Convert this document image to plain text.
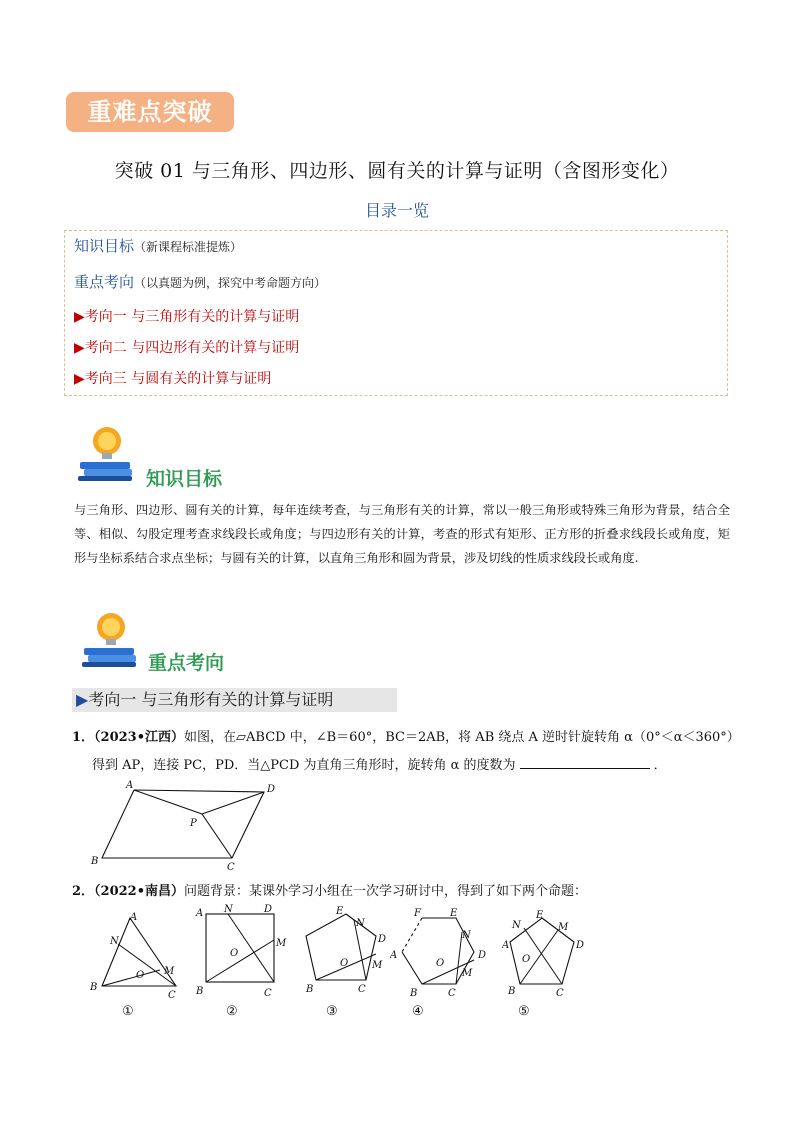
重难点突破
突破 01 与三角形、四边形、圆有关的计算与证明（含图形变化）
目录一览
知识目标（新课程标准提炼）
重点考向（以真题为例，探究中考命题方向）
▶考向一 与三角形有关的计算与证明
▶考向二 与四边形有关的计算与证明
▶考向三 与圆有关的计算与证明
知识目标
与三角形、四边形、圆有关的计算，每年连续考查，与三角形有关的计算，常以一般三角形或特殊三角形为背景，结合全等、相似、勾股定理考查求线段长或角度；与四边形有关的计算，考查的形式有矩形、正方形的折叠求线段长或角度，矩形与坐标系结合求点坐标；与圆有关的计算，以直角三角形和圆为背景，涉及切线的性质求线段长或角度.
重点考向
▶考向一 与三角形有关的计算与证明
1．（2023•江西）如图，在▱ABCD 中，∠B＝60°，BC＝2AB，将 AB 绕点 A 逆时针旋转角 α（0°＜α＜360°）
得到 AP，连接 PC，PD．当△PCD 为直角三角形时，旋转角 α 的度数为	．
A	D
P
B
C
2．（2022•南昌）问题背景：某课外学习小组在一次学习研讨中，得到了如下两个命题：
A
N
O M
B
C
A N	D
O
M
B	C
E
N
D
O M
B	C
F	E
N
A	D
O
M
B	C
N
E
M
A	D
O
B	C
①	②	③	④	⑤
